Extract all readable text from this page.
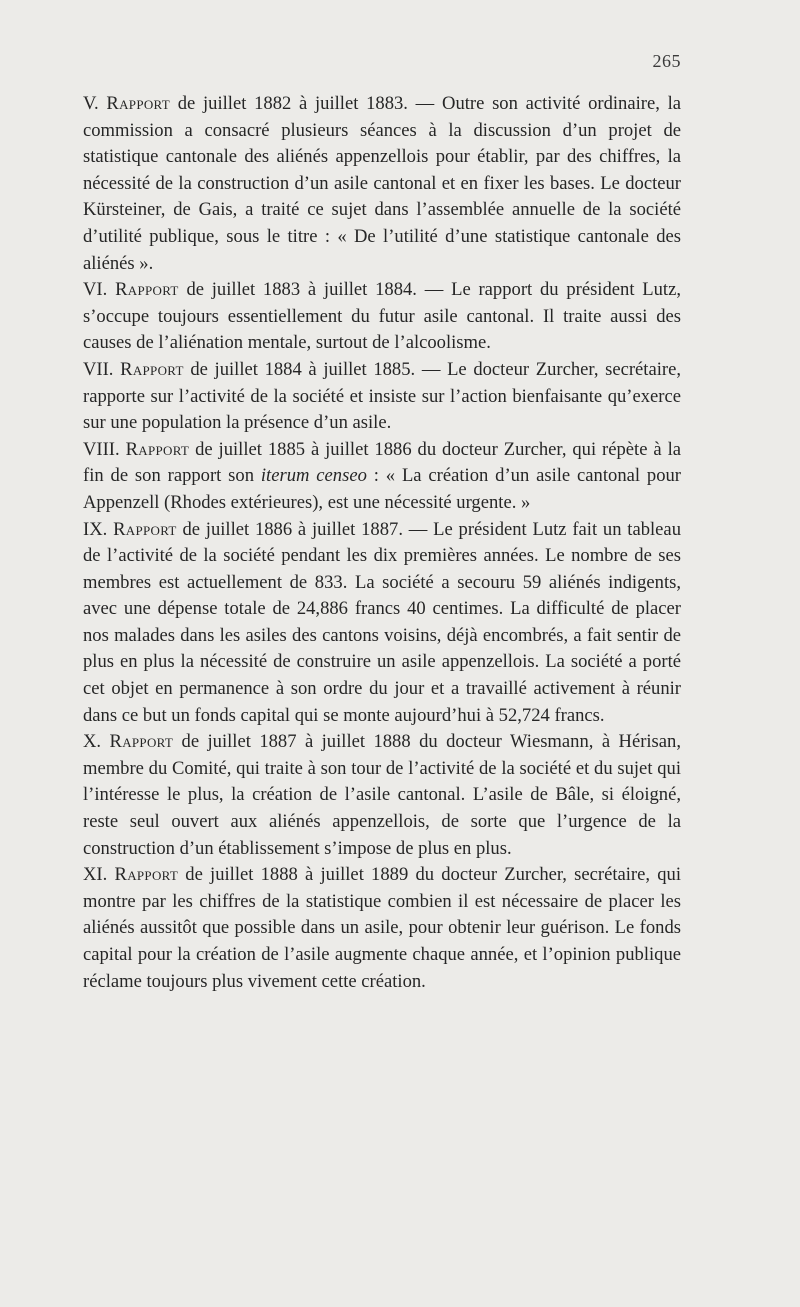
265

V. Rapport de juillet 1882 à juillet 1883. — Outre son activité ordinaire, la commission a consacré plusieurs séances à la discussion d’un projet de statistique cantonale des aliénés appenzellois pour établir, par des chiffres, la nécessité de la construction d’un asile cantonal et en fixer les bases. Le docteur Kürsteiner, de Gais, a traité ce sujet dans l’assemblée annuelle de la société d’utilité publique, sous le titre : « De l’utilité d’une statistique cantonale des aliénés ».

VI. Rapport de juillet 1883 à juillet 1884. — Le rapport du président Lutz, s’occupe toujours essentiellement du futur asile cantonal. Il traite aussi des causes de l’aliénation mentale, surtout de l’alcoolisme.

VII. Rapport de juillet 1884 à juillet 1885. — Le docteur Zurcher, secrétaire, rapporte sur l’activité de la société et insiste sur l’action bienfaisante qu’exerce sur une population la présence d’un asile.

VIII. Rapport de juillet 1885 à juillet 1886 du docteur Zurcher, qui répète à la fin de son rapport son iterum censeo : « La création d’un asile cantonal pour Appenzell (Rhodes extérieures), est une nécessité urgente. »

IX. Rapport de juillet 1886 à juillet 1887. — Le président Lutz fait un tableau de l’activité de la société pendant les dix premières années. Le nombre de ses membres est actuellement de 833. La société a secouru 59 aliénés indigents, avec une dépense totale de 24,886 francs 40 centimes. La difficulté de placer nos malades dans les asiles des cantons voisins, déjà encombrés, a fait sentir de plus en plus la nécessité de construire un asile appenzellois. La société a porté cet objet en permanence à son ordre du jour et a travaillé activement à réunir dans ce but un fonds capital qui se monte aujourd’hui à 52,724 francs.

X. Rapport de juillet 1887 à juillet 1888 du docteur Wiesmann, à Hérisan, membre du Comité, qui traite à son tour de l’activité de la société et du sujet qui l’intéresse le plus, la création de l’asile cantonal. L’asile de Bâle, si éloigné, reste seul ouvert aux aliénés appenzellois, de sorte que l’urgence de la construction d’un établissement s’impose de plus en plus.

XI. Rapport de juillet 1888 à juillet 1889 du docteur Zurcher, secrétaire, qui montre par les chiffres de la statistique combien il est nécessaire de placer les aliénés aussitôt que possible dans un asile, pour obtenir leur guérison. Le fonds capital pour la création de l’asile augmente chaque année, et l’opinion publique réclame toujours plus vivement cette création.
